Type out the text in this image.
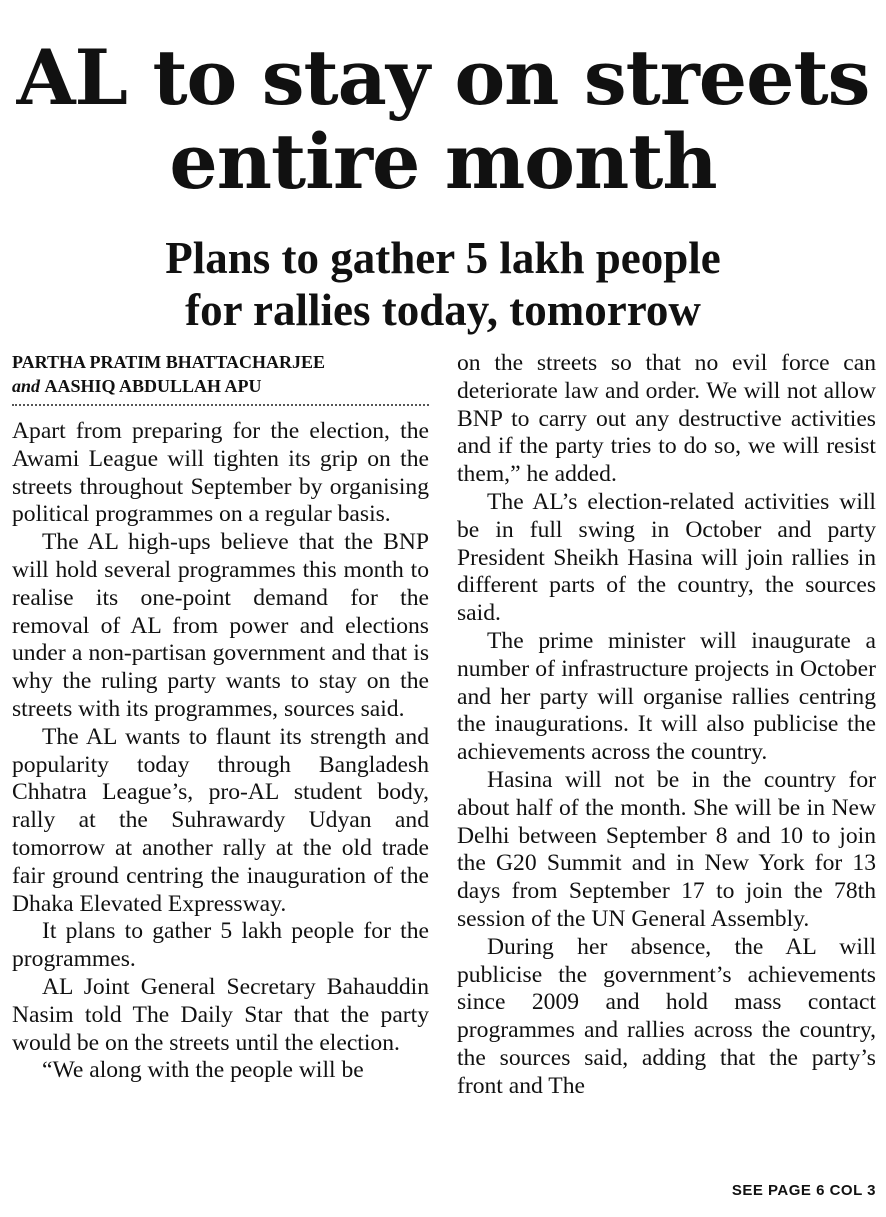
AL to stay on streets
entire month
Plans to gather 5 lakh people
for rallies today, tomorrow
PARTHA PRATIM BHATTACHARJEE
and AASHIQ ABDULLAH APU

Apart from preparing for the election, the Awami League will tighten its grip on the streets throughout September by organising political programmes on a regular basis.

The AL high-ups believe that the BNP will hold several programmes this month to realise its one-point demand for the removal of AL from power and elections under a non-partisan government and that is why the ruling party wants to stay on the streets with its programmes, sources said.

The AL wants to flaunt its strength and popularity today through Bangladesh Chhatra League’s, pro-AL student body, rally at the Suhrawardy Udyan and tomorrow at another rally at the old trade fair ground centring the inauguration of the Dhaka Elevated Expressway.

It plans to gather 5 lakh people for the programmes.

AL Joint General Secretary Bahauddin Nasim told The Daily Star that the party would be on the streets until the election.

“We along with the people will be

on the streets so that no evil force can deteriorate law and order. We will not allow BNP to carry out any destructive activities and if the party tries to do so, we will resist them,” he added.

The AL’s election-related activities will be in full swing in October and party President Sheikh Hasina will join rallies in different parts of the country, the sources said.

The prime minister will inaugurate a number of infrastructure projects in October and her party will organise rallies centring the inaugurations. It will also publicise the achievements across the country.

Hasina will not be in the country for about half of the month. She will be in New Delhi between September 8 and 10 to join the G20 Summit and in New York for 13 days from September 17 to join the 78th session of the UN General Assembly.

During her absence, the AL will publicise the government’s achievements since 2009 and hold mass contact programmes and rallies across the country, the sources said, adding that the party’s front and The

SEE PAGE 6 COL 3
